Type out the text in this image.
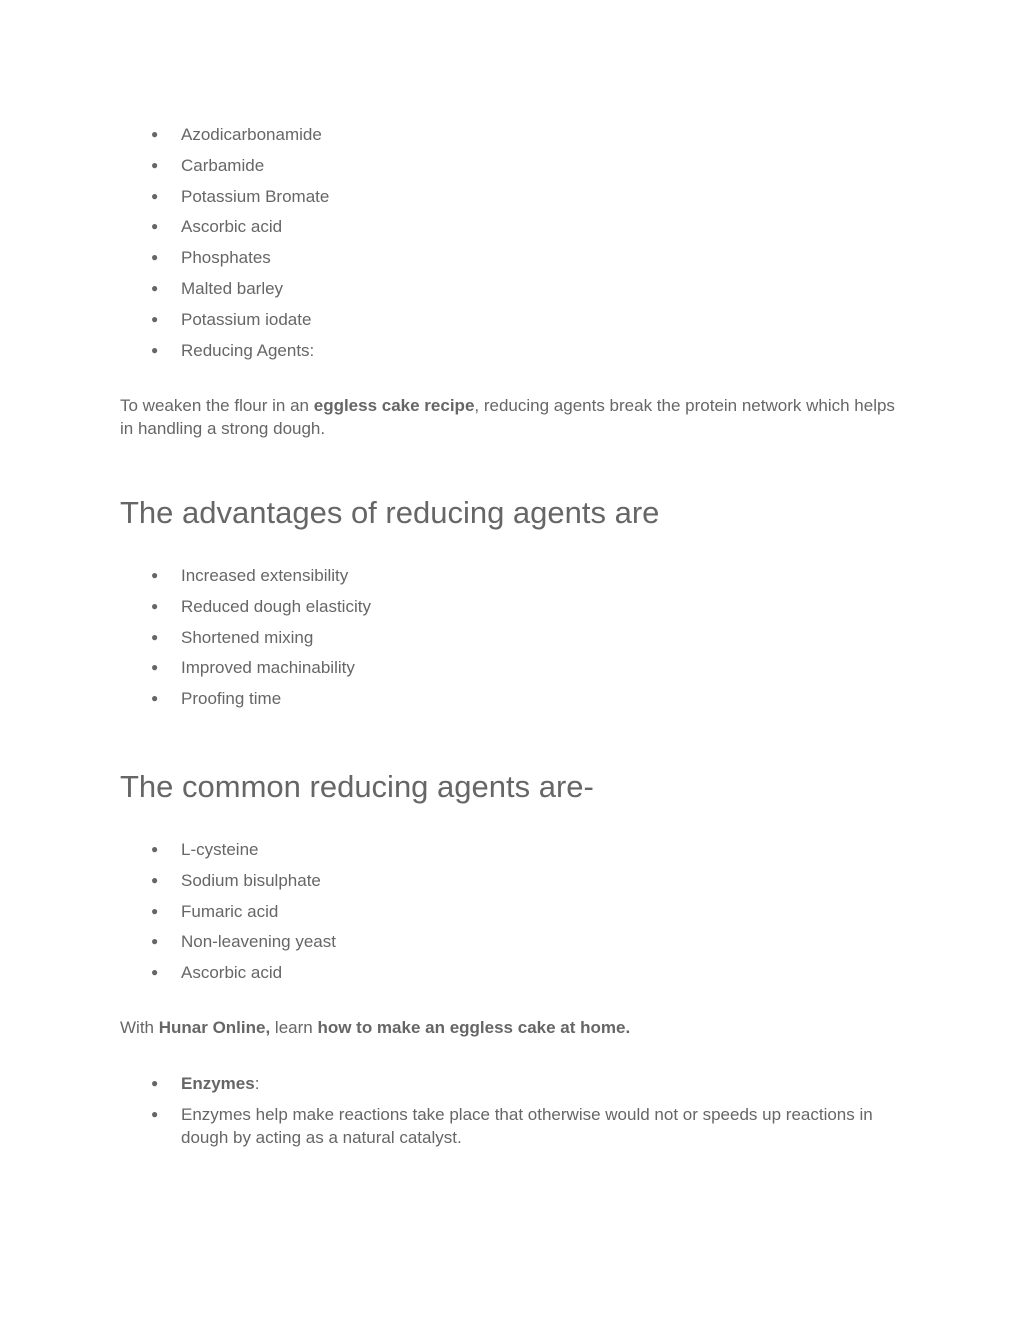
● Azodicarbonamide
● Carbamide
● Potassium Bromate
● Ascorbic acid
● Phosphates
● Malted barley
● Potassium iodate
● Reducing Agents:

To weaken the flour in an eggless cake recipe, reducing agents break the protein network which helps in handling a strong dough.

The advantages of reducing agents are
● Increased extensibility
● Reduced dough elasticity
● Shortened mixing
● Improved machinability
● Proofing time
The common reducing agents are-
● L-cysteine
● Sodium bisulphate
● Fumaric acid
● Non-leavening yeast
● Ascorbic acid

With Hunar Online, learn how to make an eggless cake at home.

● Enzymes:
● Enzymes help make reactions take place that otherwise would not or speeds up reactions in dough by acting as a natural catalyst.
